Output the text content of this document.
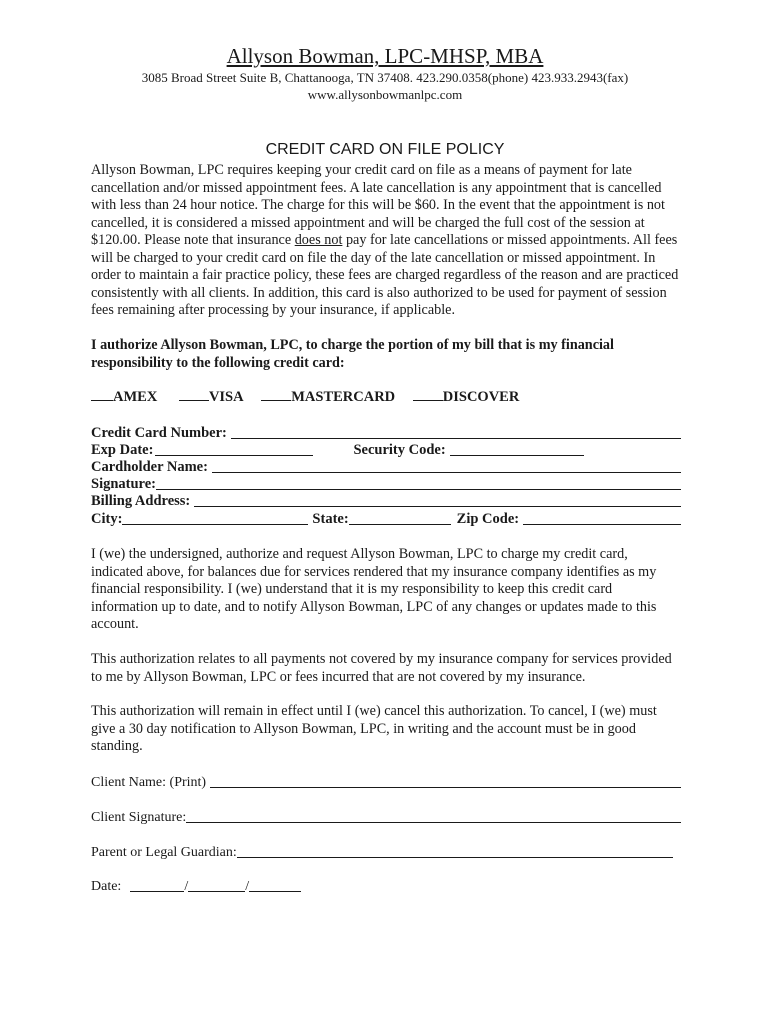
Allyson Bowman, LPC-MHSP, MBA
3085 Broad Street Suite B, Chattanooga, TN 37408. 423.290.0358(phone) 423.933.2943(fax)
www.allysonbowmanlpc.com
CREDIT CARD ON FILE POLICY

Allyson Bowman, LPC requires keeping your credit card on file as a means of payment for late cancellation and/or missed appointment fees. A late cancellation is any appointment that is cancelled with less than 24 hour notice. The charge for this will be $60. In the event that the appointment is not cancelled, it is considered a missed appointment and will be charged the full cost of the session at $120.00. Please note that insurance does not pay for late cancellations or missed appointments. All fees will be charged to your credit card on file the day of the late cancellation or missed appointment. In order to maintain a fair practice policy, these fees are charged regardless of the reason and are practiced consistently with all clients. In addition, this card is also authorized to be used for payment of session fees remaining after processing by your insurance, if applicable.

I authorize Allyson Bowman, LPC, to charge the portion of my bill that is my financial responsibility to the following credit card:

AMEX	VISA	MASTERCARD	DISCOVER
Credit Card Number:
Exp Date:	Security Code:
Cardholder Name:
Signature:
Billing Address:
City:	State:	Zip Code:

I (we) the undersigned, authorize and request Allyson Bowman, LPC to charge my credit card, indicated above, for balances due for services rendered that my insurance company identifies as my financial responsibility. I (we) understand that it is my responsibility to keep this credit card information up to date, and to notify Allyson Bowman, LPC of any changes or updates made to this account.

This authorization relates to all payments not covered by my insurance company for services provided to me by Allyson Bowman, LPC or fees incurred that are not covered by my insurance.

This authorization will remain in effect until I (we) cancel this authorization. To cancel, I (we) must give a 30 day notification to Allyson Bowman, LPC, in writing and the account must be in good standing.

Client Name: (Print)
Client Signature:
Parent or Legal Guardian:
Date:	/	/
